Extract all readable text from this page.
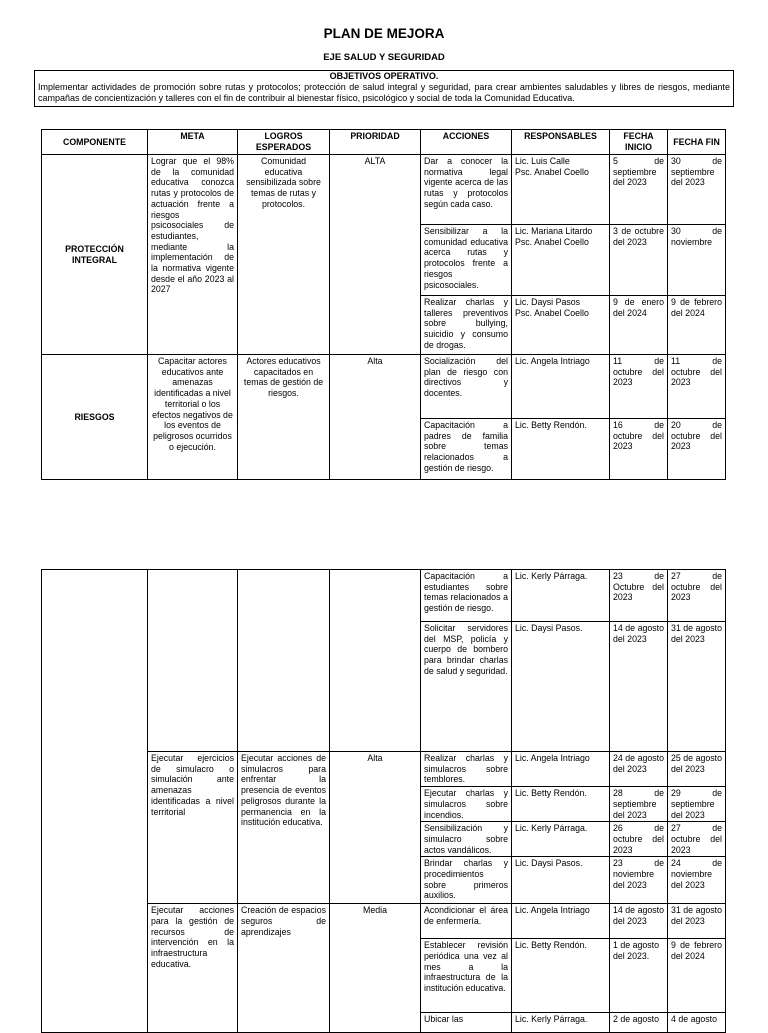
PLAN DE MEJORA
EJE SALUD Y SEGURIDAD
OBJETIVOS OPERATIVO.
Implementar actividades de promoción sobre rutas y protocolos; protección de salud integral y seguridad, para crear ambientes saludables y libres de riesgos, mediante campañas de concientización y talleres con el fin de contribuir al bienestar físico, psicológico y social de toda la Comunidad Educativa.
COMPONENTE	META	LOGROS ESPERADOS	PRIORIDAD	ACCIONES	RESPONSABLES	FECHA INICIO	FECHA FIN
PROTECCIÓN INTEGRAL	Lograr que el 98% de la comunidad educativa conozca rutas y protocolos de actuación frente a riesgos psicosociales de estudiantes, mediante la implementación de la normativa vigente desde el año 2023 al 2027	Comunidad educativa sensibilizada sobre temas de rutas y protocolos.	ALTA	Dar a conocer la normativa legal vigente acerca de las rutas y protocolos según cada caso.	Lic. Luis Calle
Psc. Anabel Coello	5 de septiembre del 2023	30 de septiembre del 2023
				Sensibilizar a la comunidad educativa acerca rutas y protocolos frente a riesgos psicosociales.	Lic. Mariana Litardo
Psc. Anabel Coello	3 de octubre del 2023	30 de noviembre
				Realizar charlas y talleres preventivos sobre bullying, suicidio y consumo de drogas.	Lic. Daysi Pasos
Psc. Anabel Coello	9 de enero del 2024	9 de febrero del 2024
RIESGOS	Capacitar actores educativos ante amenazas identificadas a nivel territorial o los efectos negativos de los eventos de peligrosos ocurridos o ejecución.	Actores educativos capacitados en temas de gestión de riesgos.	Alta	Socialización del plan de riesgo con directivos y docentes.	Lic. Angela Intriago	11 de octubre del 2023	11 de octubre del 2023
				Capacitación a padres de familia sobre temas relacionados a gestión de riesgo.	Lic. Betty Rendón.	16 de octubre del 2023	20 de octubre del 2023
				Capacitación a estudiantes sobre temas relacionados a gestión de riesgo.	Lic. Kerly Párraga.	23 de Octubre del 2023	27 de octubre del 2023
				Solicitar servidores del MSP, policía y cuerpo de bombero para brindar charlas de salud y seguridad.	Lic. Daysi Pasos.	14 de agosto del 2023	31 de agosto del 2023
	Ejecutar ejercicios de simulacro o simulación ante amenazas identificadas a nivel territorial	Ejecutar acciones de simulacros para enfrentar la presencia de eventos peligrosos durante la permanencia en la institución educativa.	Alta	Realizar charlas y simulacros sobre temblores.	Lic. Angela Intriago	24 de agosto del 2023	25 de agosto del 2023
				Ejecutar charlas y simulacros sobre incendios.	Lic. Betty Rendón.	28 de septiembre del 2023	29 de septiembre del 2023
				Sensibilización y simulacro sobre actos vandálicos.	Lic. Kerly Párraga.	26 de octubre del 2023	27 de octubre del 2023
				Brindar charlas y procedimientos sobre primeros auxilios.	Lic. Daysi Pasos.	23 de noviembre del 2023	24 de noviembre del 2023
	Ejecutar acciones para la gestión de recursos de intervención en la infraestructura educativa.	Creación de espacios seguros de aprendizajes	Media	Acondicionar el área de enfermería.	Lic. Angela Intriago	14 de agosto del 2023	31 de agosto del 2023
				Establecer revisión periódica una vez al mes a la infraestructura de la institución educativa.	Lic. Betty Rendón.	1 de agosto del 2023.	9 de febrero del 2024
				Ubicar las	Lic. Kerly Párraga.	2 de agosto	4 de agosto
